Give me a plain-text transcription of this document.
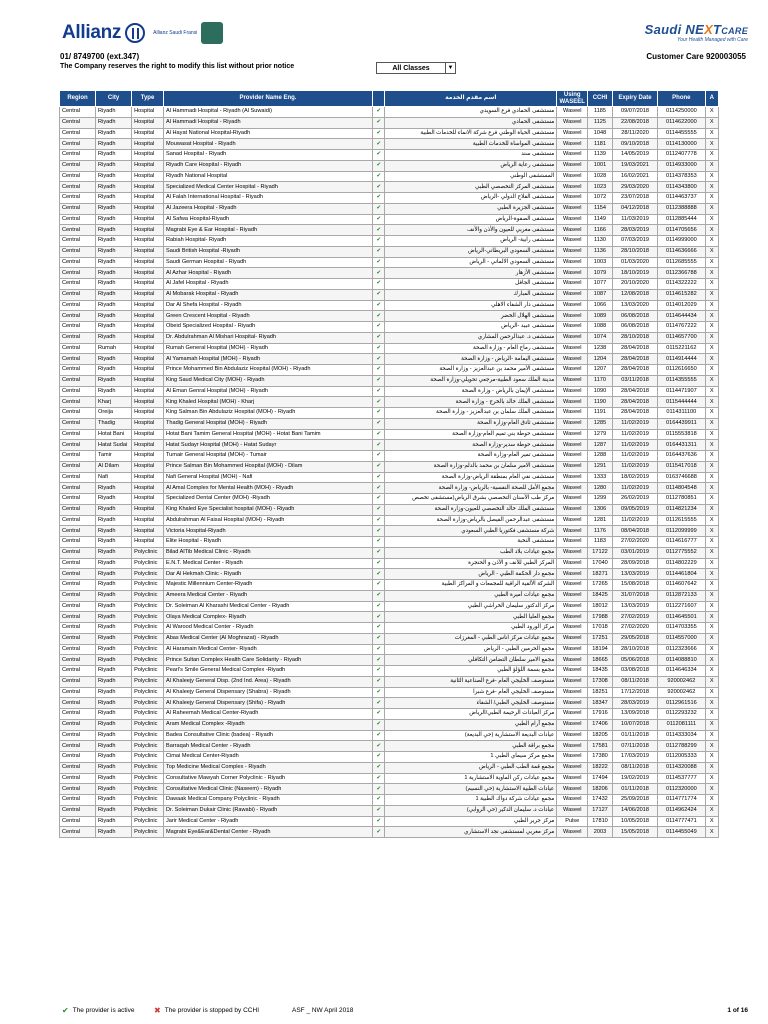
Allianz	Allianz Saudi Fransi	Saudi NEXTCARE
Your Health Managed with Care
01/ 8749700 (ext.347)
The Company reserves the right to modify this list without prior notice
Customer Care 920003055
All Classes	▼
Region	City	Type	Provider Name Eng.		اسم مقدم الخدمة	Using WASEEL	CCHI	Expiry Date	Phone	A
Central	Riyadh	Hospital	Al Hammadi Hospital - Riyadh (Al Suwaidi)	✔	مستشفى الحمادي فرع السويدي	Waseel	1185	09/07/2018	0114250000	X
Central	Riyadh	Hospital	Al Hammadi Hospital - Riyadh	✔	مستشفى الحمادي	Waseel	1125	22/08/2018	0114622000	X
Central	Riyadh	Hospital	Al Hayat National Hospital-Riyadh	✔	مستشفى الحياة الوطني فرع شركة الانماء للخدمات الطبية	Waseel	1048	28/11/2020	0114455555	X
Central	Riyadh	Hospital	Mouwasat Hospital - Riyadh	✔	مستشفى المواساة للخدمات الطبية	Waseel	1181	09/10/2018	0114130000	X
Central	Riyadh	Hospital	Sanad Hospital - Riyadh	✔	مستشفى سند	Waseel	1139	14/05/2019	0112407778	X
Central	Riyadh	Hospital	Riyadh Care Hospital - Riyadh	✔	مستشفى رعاية الرياض	Waseel	1001	19/03/2021	0114933000	X
Central	Riyadh	Hospital	Riyadh National Hospital	✔	المستشفى الوطني	Waseel	1028	16/02/2021	0114378353	X
Central	Riyadh	Hospital	Specialized Medical Center Hospital - Riyadh	✔	مستشفى المركز التخصصي الطبي	Waseel	1023	29/03/2020	0114343800	X
Central	Riyadh	Hospital	Al Falah International Hospital - Riyadh	✔	مستشفى الفلاح الدولي -الرياض	Waseel	1072	23/07/2018	0114463737	X
Central	Riyadh	Hospital	Al Jazeera Hospital - Riyadh	✔	مستشفى الجزيرة الطبي	Waseel	1154	04/12/2018	0112388888	X
Central	Riyadh	Hospital	Al Safwa Hospital-Riyadh	✔	مستشفى الصفوة-الرياض	Waseel	1149	11/03/2019	0112885444	X
Central	Riyadh	Hospital	Magrabi Eye & Ear Hospital - Riyadh	✔	مستشفى مغربي للعيون والأذن والأنف	Waseel	1166	28/03/2019	0114705656	X
Central	Riyadh	Hospital	Rabiah Hospital- Riyadh	✔	مستشفى رابية- الرياض	Waseel	1130	07/03/2019	0114999000	X
Central	Riyadh	Hospital	Saudi British Hospital -Riyadh	✔	مستشفى السعودي البريطاني-الرياض	Waseel	1136	28/10/2018	0114636666	X
Central	Riyadh	Hospital	Saudi German Hospital - Riyadh	✔	مستشفى السعودي الالماني - الرياض	Waseel	1003	01/03/2020	0112685555	X
Central	Riyadh	Hospital	Al Azhar Hospital - Riyadh	✔	مستشفى الأزهار	Waseel	1079	18/10/2019	0112366788	X
Central	Riyadh	Hospital	Al Jafel Hospital - Riyadh	✔	مستشفى الجافل	Waseel	1077	20/10/2020	0114322222	X
Central	Riyadh	Hospital	Al Mobarak Hospital - Riyadh	✔	مستشفى المبارك	Waseel	1087	12/08/2018	0114615282	X
Central	Riyadh	Hospital	Dar Al Shefa Hospital - Riyadh	✔	مستشفى دار الشفاء الاهلي	Waseel	1066	13/03/2020	0114012029	X
Central	Riyadh	Hospital	Green Crescent Hospital - Riyadh	✔	مستشفى الهلال الخضر	Waseel	1089	06/08/2018	0114644434	X
Central	Riyadh	Hospital	Obeid Specialized Hospital - Riyadh	✔	مستشفى عبيد -الرياض	Waseel	1088	06/08/2018	0114767222	X
Central	Riyadh	Hospital	Dr. Abdulrahman Al Mishari Hospital- Riyadh	✔	مستشفى د. عبدالرحمن المشاري	Waseel	1074	28/10/2018	0114657700	X
Central	Rumah	Hospital	Rumah General Hospital (MOH) - Riyadh	✔	مستشفى رماح العام - وزارة الصحة	Waseel	1238	28/04/2018	0115221162	X
Central	Riyadh	Hospital	Al Yamamah Hospital (MOH) - Riyadh	✔	مستشفى اليمامة -الرياض - وزارة الصحة	Waseel	1204	28/04/2018	0114914444	X
Central	Riyadh	Hospital	Prince Mohammed Bin Abdulaziz Hospital (MOH) - Riyadh	✔	مستشفى الأمير محمد بن عبدالعزيز - وزارة الصحة	Waseel	1207	28/04/2018	0112616650	X
Central	Riyadh	Hospital	King Saud Medical City (MOH) - Riyadh	✔	مدينة الملك سعود الطبية-مرجعي تحويلي-وزارة الصحة	Waseel	1170	03/11/2018	0114355555	X
Central	Riyadh	Hospital	Al Eman Genral Hospital (MOH) - Riyadh	✔	مستشفى الإيمان بالرياض - وزارة الصحة	Waseel	1090	28/04/2018	0114471907	X
Central	Kharj	Hospital	King Khaled Hospital (MOH) - Kharj	✔	مستشفى الملك خالد بالخرج - وزارة الصحة	Waseel	1190	28/04/2018	0115444444	X
Central	Oreija	Hospital	King Salman Bin Abdulaziz Hospital (MOH) - Riyadh	✔	مستشفى الملك سلمان بن عبدالعزيز - وزارة الصحة	Waseel	1191	28/04/2018	0114311100	X
Central	Thadig	Hospital	Thadig General Hospital (MOH) - Riyadh	✔	مستشفى ثادق العام-وزارة الصحة	Waseel	1285	11/02/2019	0164439911	X
Central	Hotat Bani	Hospital	Hotat Bani Tamim General Hospital (MOH) - Hotat Bani Tamim	✔	مستشفى حوطة بني تميم العام-وزارة الصحة	Waseel	1279	11/02/2019	0115553818	X
Central	Hatat Sudai	Hospital	Hatat Sudayr Hospital (MOH) - Hatat Sudayr	✔	مستشفى حوطة سدير-وزارة الصحة	Waseel	1287	11/02/2019	0164431311	X
Central	Tamir	Hospital	Tumair General Hospital (MOH) - Tumair	✔	مستشفى تمير العام-وزارة الصحة	Waseel	1288	11/02/2019	0164437636	X
Central	Al Dilam	Hospital	Prince Salman Bin Mohammed Hospital (MOH) - Dilam	✔	مستشفى الامير سلمان بن محمد بالدلم-وزارة الصحة	Waseel	1291	11/02/2019	0115417018	X
Central	Nafi	Hospital	Nafi General Hospital (MOH) - Nafi	✔	مستشفى نفي العام بمنطقة الرياض-وزارة الصحة	Waseel	1333	18/02/2019	0163746688	X
Central	Riyadh	Hospital	Al Amal Complex for Mental Health (MOH) - Riyadh	✔	مجمع الأمل للصحة النفسية- بالرياض- وزارة الصحة	Waseel	1280	11/02/2019	0114804548	X
Central	Riyadh	Hospital	Specialized Dental Center (MOH) -Riyadh	✔	مركز طب الأسنان التخصصي بشرق الرياض(مستشفى تخصص	Waseel	1299	26/02/2019	0112780851	X
Central	Riyadh	Hospital	King Khaled Eye Specialist hospital (MOH) - Riyadh	✔	مستشفى الملك خالد التخصصي للعيون-وزارة الصحة	Waseel	1306	09/05/2019	0114821234	X
Central	Riyadh	Hospital	Abdulrahman Al Faisal Hospital (MOH) - Riyadh	✔	مستشفى عبدالرحمن الفيصل بالرياض-وزارة الصحة	Waseel	1281	11/02/2019	0112615555	X
Central	Riyadh	Hospital	Victoria Hospital-Riyadh	✔	شركة مستشفى فكتوريا الطبي السعودي	Waseel	1176	08/04/2018	0112099999	X
Central	Riyadh	Hospital	Elite Hospital - Riyadh	✔	مستشفى النخبة	Waseel	1183	27/02/2020	0114616777	X
Central	Riyadh	Polyclinic	Bilad AlTib Medical Clinic - Riyadh	✔	مجمع عيادات بلاد الطب	Waseel	17122	03/01/2019	0112775552	X
Central	Riyadh	Polyclinic	E.N.T. Medical Center - Riyadh	✔	المركز الطبي للأنف و الأذن و الحنجرة	Waseel	17040	28/09/2018	0114802229	X
Central	Riyadh	Polyclinic	Dar Al Hekmah Clinic - Riyadh	✔	مجمع دار الحكمة الطبي - الرياض	Waseel	18271	13/03/2019	0114461804	X
Central	Riyadh	Polyclinic	Majestic Millennium Center-Riyadh	✔	الشركة الألفية الراقية للمجمعات و المراكز الطبية	Waseel	17265	15/08/2018	0114607642	X
Central	Riyadh	Polyclinic	Ameera Medical Center - Riyadh	✔	مجمع عيادات أميرة الطبي	Waseel	18425	31/07/2018	0112872133	X
Central	Riyadh	Polyclinic	Dr. Soleiman Al Kharashi Medical Center - Riyadh	✔	مركز الدكتور سليمان الخراشي الطبي	Waseel	18012	13/03/2019	0112271607	X
Central	Riyadh	Polyclinic	Olaya Medical Complex- Riyadh	✔	مجمع العليا الطبي	Waseel	17988	27/02/2019	0114645501	X
Central	Riyadh	Polyclinic	Al Warood Medical Center - Riyadh	✔	مركز الورود الطبي	Waseel	17018	27/02/2020	0114703355	X
Central	Riyadh	Polyclinic	Abas Medical Center (Al Moghrazat) - Riyadh	✔	مجمع عيادات مركز اناس الطبي - المغرزات	Waseel	17251	29/05/2018	0114557000	X
Central	Riyadh	Polyclinic	Al Haramain Medical Center- Riyadh	✔	مجمع الحرمين الطبي - الرياض	Waseel	18194	28/10/2018	0112323666	X
Central	Riyadh	Polyclinic	Prince Sultan Complex Health Care Solidarity - Riyadh	✔	مجمع الامير سلطان التضامن التكافلي	Waseel	18665	05/06/2018	0114088810	X
Central	Riyadh	Polyclinic	Pearl's Smile General Medical Complex -Riyadh	✔	مجمع بسمة اللؤلؤ الطبي	Waseel	18435	03/08/2018	0114646334	X
Central	Riyadh	Polyclinic	Al Khaleejy General Disp. (2nd Ind. Area) - Riyadh	✔	مستوصف الخليجي العام -فرع الصناعية الثانية	Waseel	17308	08/11/2018	920002462	X
Central	Riyadh	Polyclinic	Al Khaleejy General Dispensary (Shabra) - Riyadh	✔	مستوصف الخليجي العام -فرع شبرا	Waseel	18251	17/12/2018	920002462	X
Central	Riyadh	Polyclinic	Al Khaleejy General Dispensary (Shifa) - Riyadh	✔	مستوصف الخليجي الطبي/ الشفاء	Waseel	18347	28/03/2019	0112961516	X
Central	Riyadh	Polyclinic	Al Raheemah Medical Center-Riyadh	✔	مركز العيادات الرحيمة الطبي/الرياض	Waseel	17916	13/09/2018	0112293232	X
Central	Riyadh	Polyclinic	Aram Medical Complex -Riyadh	✔	مجمع آرام الطبي	Waseel	17406	10/07/2018	0112081111	X
Central	Riyadh	Polyclinic	Badea Consultative Clinic (badea) - Riyadh	✔	عيادات البديعة الاستشارية (حي البديعة)	Waseel	18205	01/11/2018	0114333034	X
Central	Riyadh	Polyclinic	Barraqah Medical Center - Riyadh	✔	مجمع براقة الطبي	Waseel	17581	07/11/2018	0112788299	X
Central	Riyadh	Polyclinic	Cimai Medical Center-Riyadh	✔	مجمع مركز سيماي الطبي 1	Waseel	17380	17/03/2019	0112005333	X
Central	Riyadh	Polyclinic	Top Medicine Medical Complex - Riyadh	✔	مجمع قمة الطب الطبي - الرياض	Waseel	18222	08/11/2018	0114320088	X
Central	Riyadh	Polyclinic	Consultative Mawyah Corner Polyclinic - Riyadh	✔	مجمع عيادات ركن الماوية الاستشارية 1	Waseel	17494	19/02/2019	0114537777	X
Central	Riyadh	Polyclinic	Consultative Medical Clinic (Naseem) - Riyadh	✔	عيادات الطبية الاستشارية (حي النسيم)	Waseel	18206	01/11/2018	0112320000	X
Central	Riyadh	Polyclinic	Dawaak Medical Company Polyclinic - Riyadh	✔	مجمع عيادات شركة دواك الطبية 1	Waseel	17432	25/09/2018	0114771774	X
Central	Riyadh	Polyclinic	Dr. Soleiman Dukair Clinic (Rawabi) - Riyadh	✔	عيادات د. سليمان الدكير (حي الروابي)	Waseel	17127	14/06/2018	0114962424	X
Central	Riyadh	Polyclinic	Jarir Medical Center - Riyadh	✔	مركز جرير الطبي	Pulse	17810	10/05/2018	0114777471	X
Central	Riyadh	Polyclinic	Magrabi Eye&Ear&Dental Center - Riyadh	✔	مركز مغربي لمستشفى نجد الاستشاري	Waseel	2003	15/05/2018	0114455049	X
✔ The provider is active ✖ The provider is stopped by CCHI	ASF _ NW April 2018	1 of 16
